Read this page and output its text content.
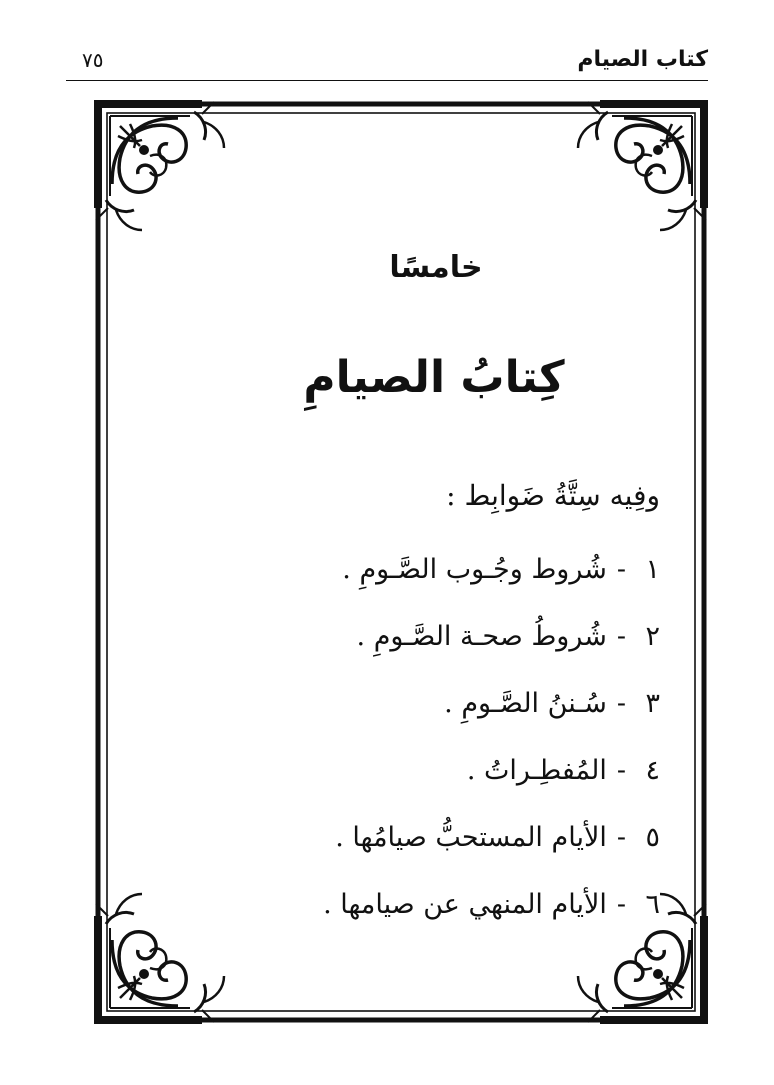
كتاب الصيام
٧٥
خامسًا
كِتابُ الصيامِ
وفِيه سِتَّةُ ضَوابِط :
١-شُروط وجُـوب الصَّـومِ .
٢-شُروطُ صحـة الصَّـومِ .
٣-سُـننُ الصَّـومِ .
٤-المُفطِـراتُ .
٥-الأيام المستحبُّ صيامُها .
٦-الأيام المنهي عن صيامها .
